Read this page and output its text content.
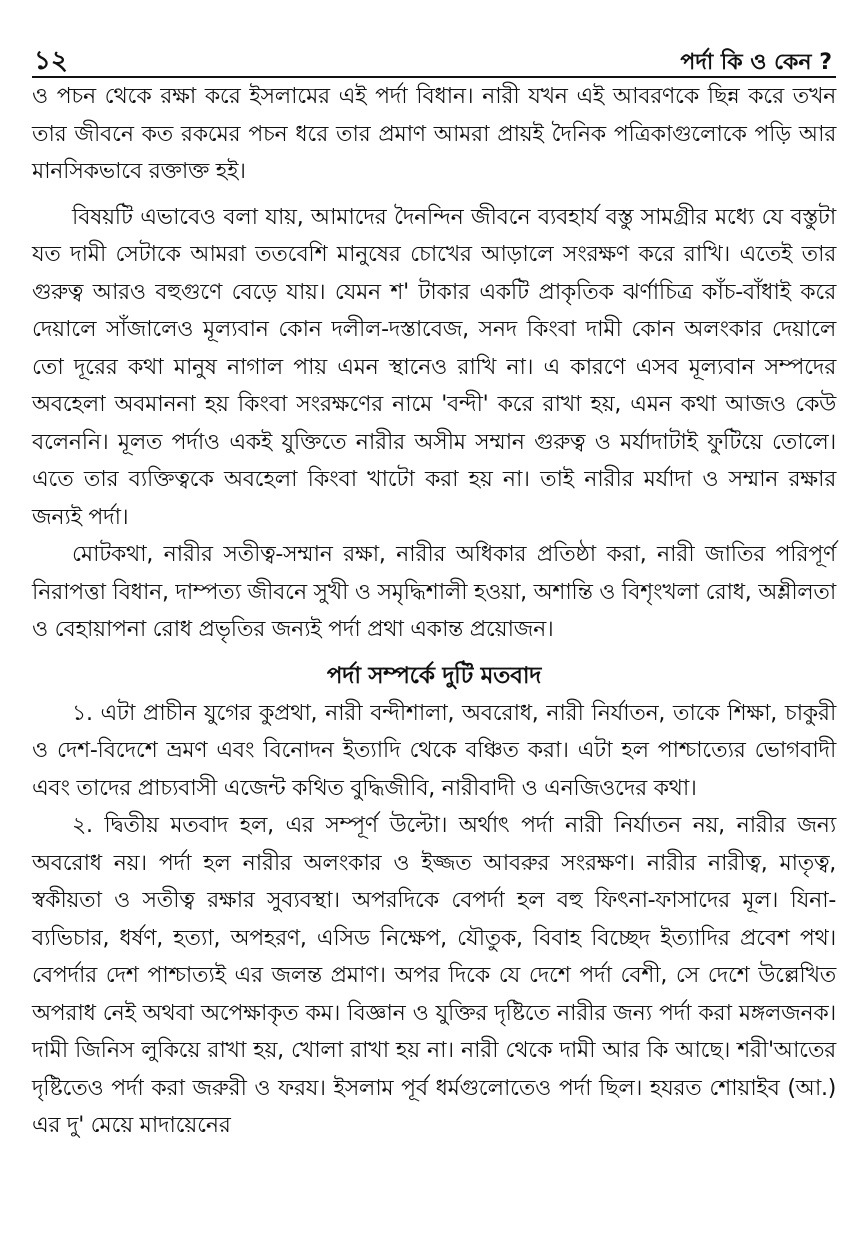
১২	পর্দা কি ও কেন ?

ও পচন থেকে রক্ষা করে ইসলামের এই পর্দা বিধান। নারী যখন এই আবরণকে ছিন্ন করে তখন তার জীবনে কত রকমের পচন ধরে তার প্রমাণ আমরা প্রায়ই দৈনিক পত্রিকাগুলোকে পড়ি আর মানসিকভাবে রক্তাক্ত হই।

বিষয়টি এভাবেও বলা যায়, আমাদের দৈনন্দিন জীবনে ব্যবহার্য বস্তু সামগ্রীর মধ্যে যে বস্তুটা যত দামী সেটাকে আমরা ততবেশি মানুষের চোখের আড়ালে সংরক্ষণ করে রাখি। এতেই তার গুরুত্ব আরও বহুগুণে বেড়ে যায়। যেমন শ' টাকার একটি প্রাকৃতিক ঝর্ণাচিত্র কাঁচ-বাঁধাই করে দেয়ালে সাঁজালেও মূল্যবান কোন দলীল-দস্তাবেজ, সনদ কিংবা দামী কোন অলংকার দেয়ালে তো দূরের কথা মানুষ নাগাল পায় এমন স্থানেও রাখি না। এ কারণে এসব মূল্যবান সম্পদের অবহেলা অবমাননা হয় কিংবা সংরক্ষণের নামে 'বন্দী' করে রাখা হয়, এমন কথা আজও কেউ বলেননি। মূলত পর্দাও একই যুক্তিতে নারীর অসীম সম্মান গুরুত্ব ও মর্যাদাটাই ফুটিয়ে তোলে। এতে তার ব্যক্তিত্বকে অবহেলা কিংবা খাটো করা হয় না। তাই নারীর মর্যাদা ও সম্মান রক্ষার জন্যই পর্দা।

মোটকথা, নারীর সতীত্ব-সম্মান রক্ষা, নারীর অধিকার প্রতিষ্ঠা করা, নারী জাতির পরিপূর্ণ নিরাপত্তা বিধান, দাম্পত্য জীবনে সুখী ও সমৃদ্ধিশালী হওয়া, অশান্তি ও বিশৃংখলা রোধ, অশ্লীলতা ও বেহায়াপনা রোধ প্রভৃতির জন্যই পর্দা প্রথা একান্ত প্রয়োজন।

পর্দা সম্পর্কে দুটি মতবাদ

১. এটা প্রাচীন যুগের কুপ্রথা, নারী বন্দীশালা, অবরোধ, নারী নির্যাতন, তাকে শিক্ষা, চাকুরী ও দেশ-বিদেশে ভ্রমণ এবং বিনোদন ইত্যাদি থেকে বঞ্চিত করা। এটা হল পাশ্চাত্যের ভোগবাদী এবং তাদের প্রাচ্যবাসী এজেন্ট কথিত বুদ্ধিজীবি, নারীবাদী ও এনজিওদের কথা।

২. দ্বিতীয় মতবাদ হল, এর সম্পূর্ণ উল্টো। অর্থাৎ পর্দা নারী নির্যাতন নয়, নারীর জন্য অবরোধ নয়। পর্দা হল নারীর অলংকার ও ইজ্জত আবরুর সংরক্ষণ। নারীর নারীত্ব, মাতৃত্ব, স্বকীয়তা ও সতীত্ব রক্ষার সুব্যবস্থা। অপরদিকে বেপর্দা হল বহু ফিৎনা-ফাসাদের মূল। যিনা-ব্যভিচার, ধর্ষণ, হত্যা, অপহরণ, এসিড নিক্ষেপ, যৌতুক, বিবাহ বিচ্ছেদ ইত্যাদির প্রবেশ পথ। বেপর্দার দেশ পাশ্চাত্যই এর জলন্ত প্রমাণ। অপর দিকে যে দেশে পর্দা বেশী, সে দেশে উল্লেখিত অপরাধ নেই অথবা অপেক্ষাকৃত কম। বিজ্ঞান ও যুক্তির দৃষ্টিতে নারীর জন্য পর্দা করা মঙ্গলজনক। দামী জিনিস লুকিয়ে রাখা হয়, খোলা রাখা হয় না। নারী থেকে দামী আর কি আছে। শরী'আতের দৃষ্টিতেও পর্দা করা জরুরী ও ফরয। ইসলাম পূর্ব ধর্মগুলোতেও পর্দা ছিল। হযরত শোয়াইব (আ.) এর দু' মেয়ে মাদায়েনের
